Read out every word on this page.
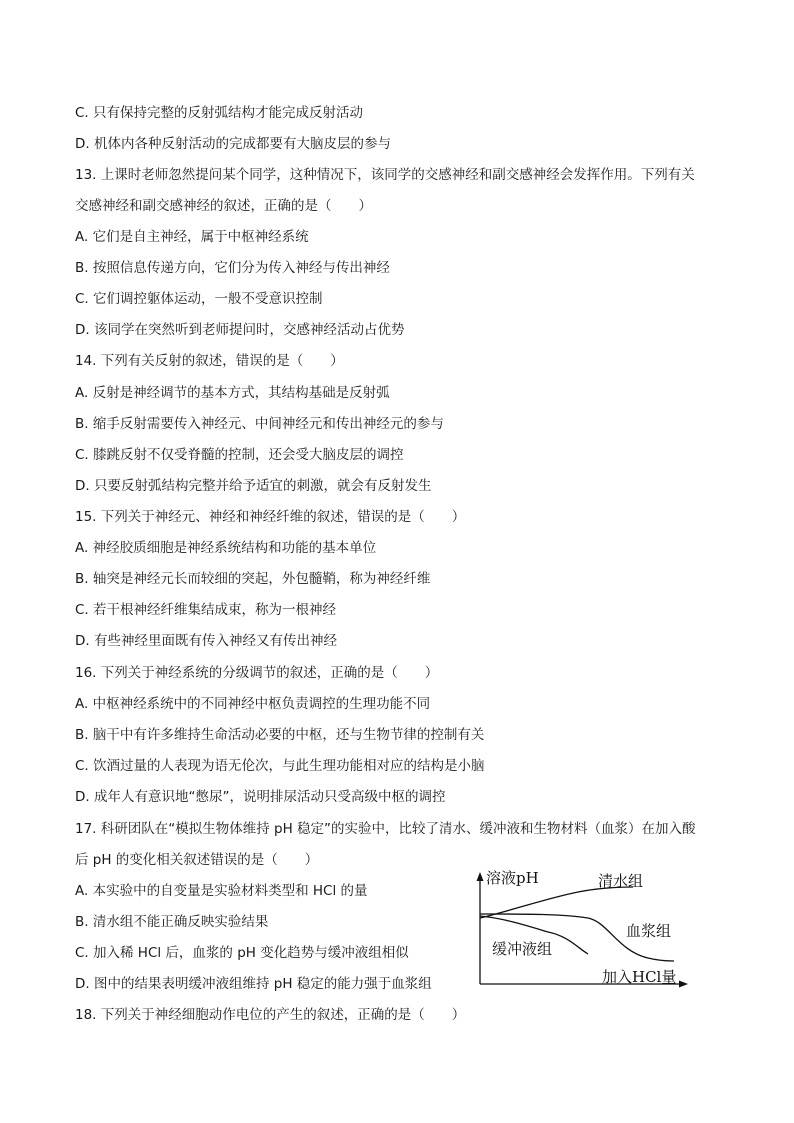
C. 只有保持完整的反射弧结构才能完成反射活动
D. 机体内各种反射活动的完成都要有大脑皮层的参与
13. 上课时老师忽然提问某个同学，这种情况下，该同学的交感神经和副交感神经会发挥作用。下列有关
交感神经和副交感神经的叙述，正确的是（　　）
A. 它们是自主神经，属于中枢神经系统
B. 按照信息传递方向，它们分为传入神经与传出神经
C. 它们调控躯体运动，一般不受意识控制
D. 该同学在突然听到老师提问时，交感神经活动占优势
14. 下列有关反射的叙述，错误的是（　　）
A. 反射是神经调节的基本方式，其结构基础是反射弧
B. 缩手反射需要传入神经元、中间神经元和传出神经元的参与
C. 膝跳反射不仅受脊髓的控制，还会受大脑皮层的调控
D. 只要反射弧结构完整并给予适宜的刺激，就会有反射发生
15. 下列关于神经元、神经和神经纤维的叙述，错误的是（　　）
A. 神经胶质细胞是神经系统结构和功能的基本单位
B. 轴突是神经元长而较细的突起，外包髓鞘，称为神经纤维
C. 若干根神经纤维集结成束，称为一根神经
D. 有些神经里面既有传入神经又有传出神经
16. 下列关于神经系统的分级调节的叙述，正确的是（　　）
A. 中枢神经系统中的不同神经中枢负责调控的生理功能不同
B. 脑干中有许多维持生命活动必要的中枢，还与生物节律的控制有关
C. 饮酒过量的人表现为语无伦次，与此生理功能相对应的结构是小脑
D. 成年人有意识地“憋尿”，说明排尿活动只受高级中枢的调控
17. 科研团队在“模拟生物体维持 pH 稳定”的实验中，比较了清水、缓冲液和生物材料（血浆）在加入酸
后 pH 的变化相关叙述错误的是（　　）
A. 本实验中的自变量是实验材料类型和 HCl 的量
B. 清水组不能正确反映实验结果
C. 加入稀 HCl 后，血浆的 pH 变化趋势与缓冲液组相似
D. 图中的结果表明缓冲液组维持 pH 稳定的能力强于血浆组
18. 下列关于神经细胞动作电位的产生的叙述，正确的是（　　）
溶液pH	清水组
血浆组
缓冲液组
加入HCl量
